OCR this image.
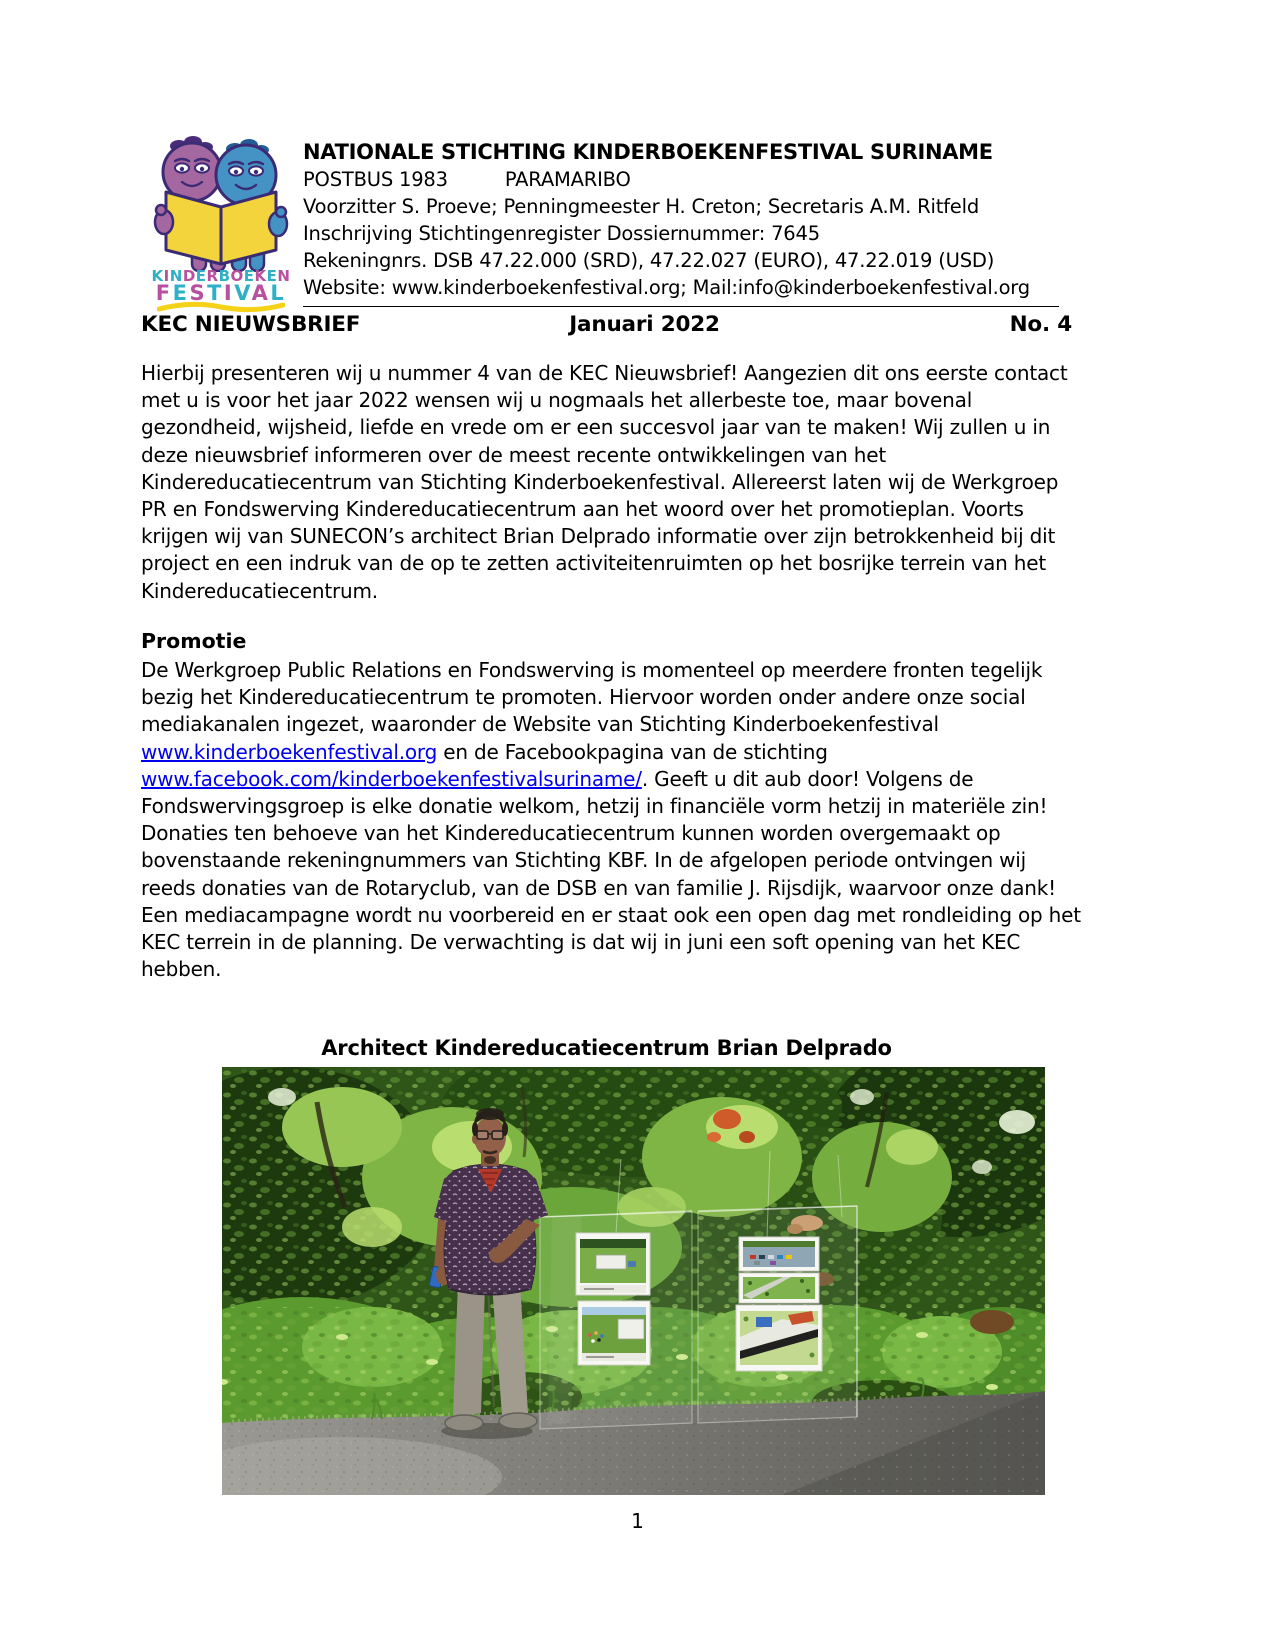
KINDERBOEKEN
FESTIVAL
NATIONALE STICHTING KINDERBOEKENFESTIVAL SURINAME
POSTBUS 1983	PARAMARIBO
Voorzitter S. Proeve; Penningmeester H. Creton; Secretaris A.M. Ritfeld
Inschrijving Stichtingenregister Dossiernummer: 7645
Rekeningnrs. DSB 47.22.000 (SRD), 47.22.027 (EURO), 47.22.019 (USD)
Website: www.kinderboekenfestival.org; Mail:info@kinderboekenfestival.org
KEC NIEUWSBRIEF	Januari 2022	No. 4
Hierbij presenteren wij u nummer 4 van de KEC Nieuwsbrief! Aangezien dit ons eerste contact met u is voor het jaar 2022 wensen wij u nogmaals het allerbeste toe, maar bovenal gezondheid, wijsheid, liefde en vrede om er een succesvol jaar van te maken! Wij zullen u in deze nieuwsbrief informeren over de meest recente ontwikkelingen van het Kindereducatiecentrum van Stichting Kinderboekenfestival. Allereerst laten wij de Werkgroep PR en Fondswerving Kindereducatiecentrum aan het woord over het promotieplan. Voorts krijgen wij van SUNECON’s architect Brian Delprado informatie over zijn betrokkenheid bij dit project en een indruk van de op te zetten activiteitenruimten op het bosrijke terrein van het Kindereducatiecentrum.
Promotie
De Werkgroep Public Relations en Fondswerving is momenteel op meerdere fronten tegelijk bezig het Kindereducatiecentrum te promoten. Hiervoor worden onder andere onze social mediakanalen ingezet, waaronder de Website van Stichting Kinderboekenfestival www.kinderboekenfestival.org en de Facebookpagina van de stichting www.facebook.com/kinderboekenfestivalsuriname/. Geeft u dit aub door! Volgens de Fondswervingsgroep is elke donatie welkom, hetzij in financiële vorm hetzij in materiële zin! Donaties ten behoeve van het Kindereducatiecentrum kunnen worden overgemaakt op bovenstaande rekeningnummers van Stichting KBF. In de afgelopen periode ontvingen wij reeds donaties van de Rotaryclub, van de DSB en van familie J. Rijsdijk, waarvoor onze dank! Een mediacampagne wordt nu voorbereid en er staat ook een open dag met rondleiding op het KEC terrein in de planning. De verwachting is dat wij in juni een soft opening van het KEC hebben.
Architect Kindereducatiecentrum Brian Delprado
1
